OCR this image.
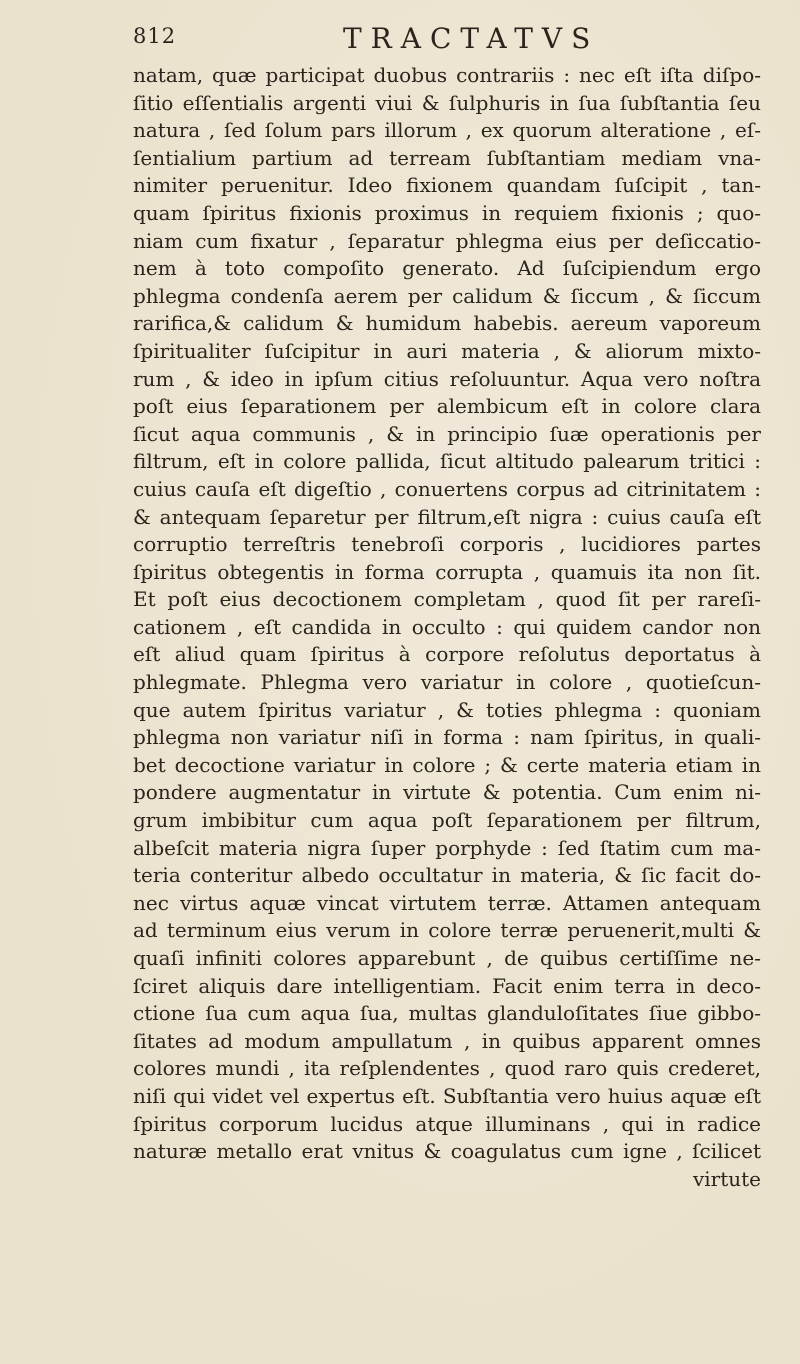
812	TRACTATVS
natam, quæ participat duobus contrariis : nec eſt iſta diſpo-
ſitio eſſentialis argenti viui & ſulphuris in ſua ſubſtantia ſeu
natura , ſed ſolum pars illorum , ex quorum alteratione , eſ-
ſentialium partium ad terream ſubſtantiam mediam vna-
nimiter peruenitur. Ideo fixionem quandam ſuſcipit , tan-
quam ſpiritus fixionis proximus in requiem fixionis ; quo-
niam cum fixatur , ſeparatur phlegma eius per deſiccatio-
nem à toto compoſito generato. Ad ſuſcipiendum ergo
phlegma condenſa aerem per calidum & ſiccum , & ſiccum
rarifica,& calidum & humidum habebis. aereum vaporeum
ſpiritualiter ſuſcipitur in auri materia , & aliorum mixto-
rum , & ideo in ipſum citius reſoluuntur. Aqua vero noſtra
poſt eius ſeparationem per alembicum eſt in colore clara
ſicut aqua communis , & in principio ſuæ operationis per
filtrum, eſt in colore pallida, ſicut altitudo palearum tritici :
cuius cauſa eſt digeſtio , conuertens corpus ad citrinitatem :
& antequam ſeparetur per filtrum,eſt nigra : cuius cauſa eſt
corruptio terreſtris tenebroſi corporis , lucidiores partes
ſpiritus obtegentis in forma corrupta , quamuis ita non ſit.
Et poſt eius decoctionem completam , quod ſit per rareſi-
cationem , eſt candida in occulto : qui quidem candor non
eſt aliud quam ſpiritus à corpore reſolutus deportatus à
phlegmate. Phlegma vero variatur in colore , quotieſcun-
que autem ſpiritus variatur , & toties phlegma : quoniam
phlegma non variatur niſi in forma : nam ſpiritus, in quali-
bet decoctione variatur in colore ; & certe materia etiam in
pondere augmentatur in virtute & potentia. Cum enim ni-
grum imbibitur cum aqua poſt ſeparationem per filtrum,
albeſcit materia nigra ſuper porphyde : ſed ſtatim cum ma-
teria conteritur albedo occultatur in materia, & ſic facit do-
nec virtus aquæ vincat virtutem terræ. Attamen antequam
ad terminum eius verum in colore terræ peruenerit,multi &
quaſi infiniti colores apparebunt , de quibus certiſſime ne-
ſciret aliquis dare intelligentiam. Facit enim terra in deco-
ctione ſua cum aqua ſua, multas glanduloſitates ſiue gibbo-
ſitates ad modum ampullatum , in quibus apparent omnes
colores mundi , ita reſplendentes , quod raro quis crederet,
niſi qui videt vel expertus eſt. Subſtantia vero huius aquæ eſt
ſpiritus corporum lucidus atque illuminans , qui in radice
naturæ metallo erat vnitus & coagulatus cum igne , ſcilicet
virtute
